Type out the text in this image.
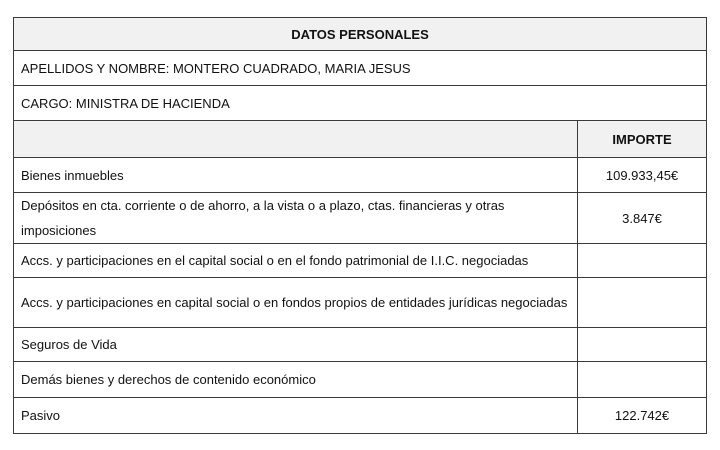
DATOS PERSONALES	
APELLIDOS Y NOMBRE: MONTERO CUADRADO, MARIA JESUS	
CARGO: MINISTRA DE HACIENDA	
	IMPORTE
Bienes inmuebles	109.933,45€
Depósitos en cta. corriente o de ahorro, a la vista o a plazo, ctas. financieras y otras imposiciones	3.847€
Accs. y participaciones en el capital social o en el fondo patrimonial de I.I.C. negociadas	
Accs. y participaciones en capital social o en fondos propios de entidades jurídicas negociadas	
Seguros de Vida	
Demás bienes y derechos de contenido económico	
Pasivo	122.742€
